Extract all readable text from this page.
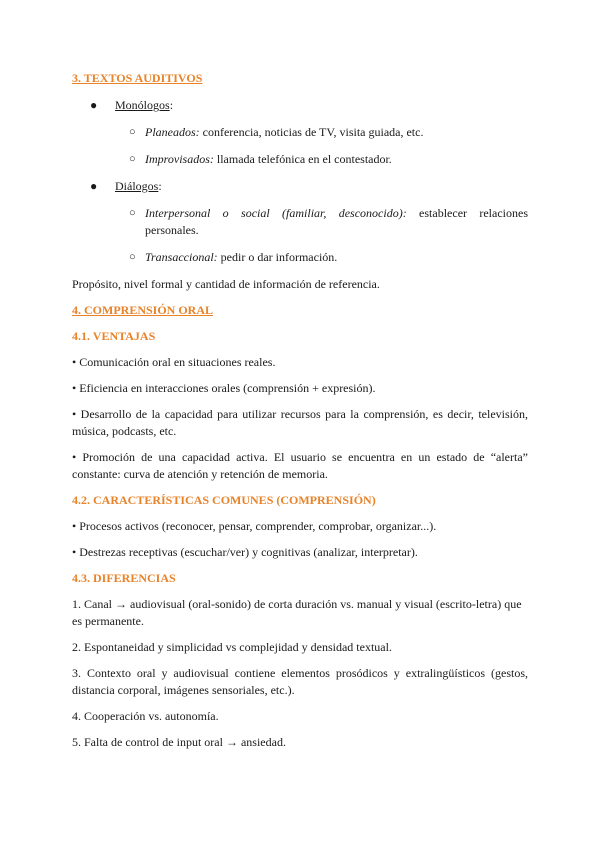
3. TEXTOS AUDITIVOS

● Monólogos:

○ Planeados: conferencia, noticias de TV, visita guiada, etc.

○ Improvisados: llamada telefónica en el contestador.

● Diálogos:

○ Interpersonal o social (familiar, desconocido): establecer relaciones personales.

○ Transaccional: pedir o dar información.

Propósito, nivel formal y cantidad de información de referencia.

4. COMPRENSIÓN ORAL

4.1. VENTAJAS

• Comunicación oral en situaciones reales.

• Eficiencia en interacciones orales (comprensión + expresión).

• Desarrollo de la capacidad para utilizar recursos para la comprensión, es decir, televisión, música, podcasts, etc.

• Promoción de una capacidad activa. El usuario se encuentra en un estado de “alerta” constante: curva de atención y retención de memoria.

4.2. CARACTERÍSTICAS COMUNES (COMPRENSIÓN)

• Procesos activos (reconocer, pensar, comprender, comprobar, organizar...).

• Destrezas receptivas (escuchar/ver) y cognitivas (analizar, interpretar).

4.3. DIFERENCIAS

1. Canal → audiovisual (oral-sonido) de corta duración vs. manual y visual (escrito-letra) que es permanente.

2. Espontaneidad y simplicidad vs complejidad y densidad textual.

3. Contexto oral y audiovisual contiene elementos prosódicos y extralingüísticos (gestos, distancia corporal, imágenes sensoriales, etc.).

4. Cooperación vs. autonomía.

5. Falta de control de input oral → ansiedad.
